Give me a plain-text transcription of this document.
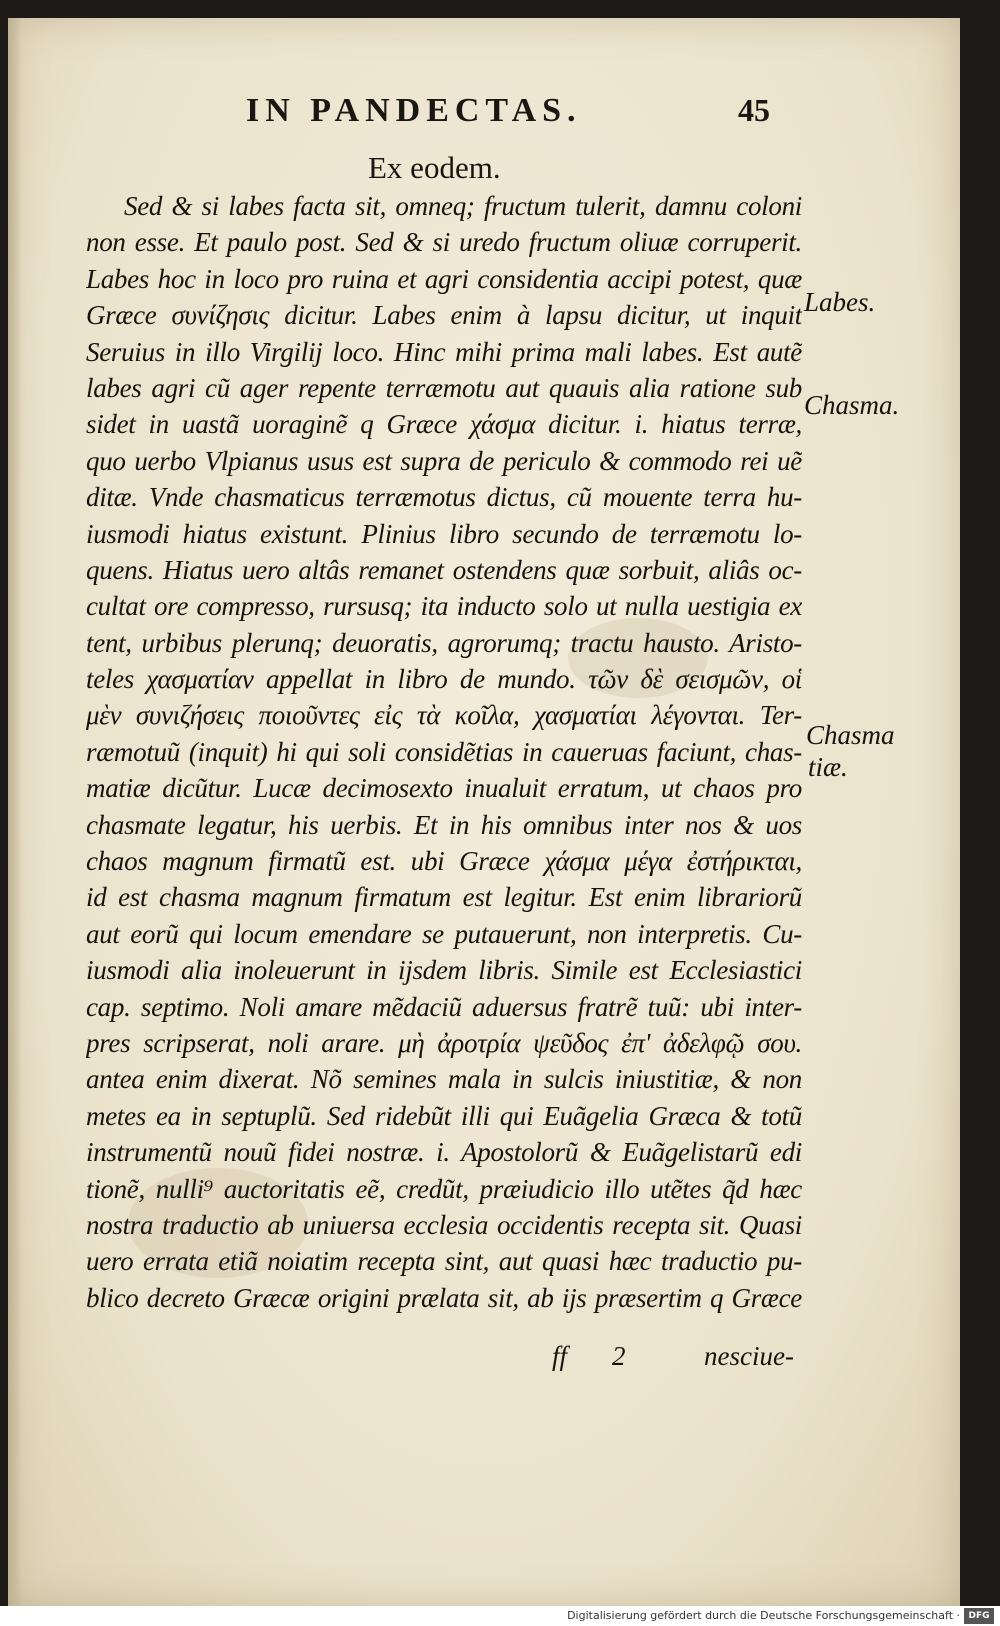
IN PANDECTAS.	45
Ex eodem.
Sed & si labes facta sit, omneq; fructum tulerit, damnu coloni
non esse. Et paulo post. Sed & si uredo fructum oliuæ corruperit.
Labes hoc in loco pro ruina et agri considentia accipi potest, quæ
Græce συνίζησις dicitur. Labes enim à lapsu dicitur, ut inquit
Seruius in illo Virgilij loco. Hinc mihi prima mali labes. Est autẽ
labes agri cũ ager repente terræmotu aut quauis alia ratione sub
sidet in uastã uoraginẽ q Græce χάσμα dicitur. i. hiatus terræ,
quo uerbo Vlpianus usus est supra de periculo & commodo rei uẽ
ditæ. Vnde chasmaticus terræmotus dictus, cũ mouente terra hu-
iusmodi hiatus existunt. Plinius libro secundo de terræmotu lo-
quens. Hiatus uero altâs remanet ostendens quæ sorbuit, aliâs oc-
cultat ore compresso, rursusq; ita inducto solo ut nulla uestigia ex
tent, urbibus plerunq; deuoratis, agrorumq; tractu hausto. Aristo-
teles χασματίαν appellat in libro de mundo. τῶν δὲ σεισμῶν, οἱ
μὲν συνιζήσεις ποιοῦντες εἰς τὰ κοῖλα, χασματίαι λέγονται. Ter-
ræmotuũ (inquit) hi qui soli considẽtias in caueruas faciunt, chas-
matiæ dicũtur. Lucæ decimosexto inualuit erratum, ut chaos pro
chasmate legatur, his uerbis. Et in his omnibus inter nos & uos
chaos magnum firmatũ est. ubi Græce χάσμα μέγα ἐστήρικται,
id est chasma magnum firmatum est legitur. Est enim librariorũ
aut eorũ qui locum emendare se putauerunt, non interpretis. Cu-
iusmodi alia inoleuerunt in ijsdem libris. Simile est Ecclesiastici
cap. septimo. Noli amare mẽdaciũ aduersus fratrẽ tuũ: ubi inter-
pres scripserat, noli arare. μὴ ἀροτρία ψεῦδος ἐπ' ἀδελφῷ σου.
antea enim dixerat. Nõ semines mala in sulcis iniustitiæ, & non
metes ea in septuplũ. Sed ridebũt illi qui Euãgelia Græca & totũ
instrumentũ nouũ fidei nostræ. i. Apostolorũ & Euãgelistarũ edi
tionẽ, nulli⁹ auctoritatis eẽ, credũt, præiudicio illo utẽtes q̃d hæc
nostra traductio ab uniuersa ecclesia occidentis recepta sit. Quasi
uero errata etiã noiatim recepta sint, aut quasi hæc traductio pu-
blico decreto Græcæ origini prælata sit, ab ijs præsertim q Græce
Labes.
Chasma.
Chasma
tiæ.
ff 2	nesciue-
Digitalisierung gefördert durch die Deutsche Forschungsgemeinschaft · DFG
